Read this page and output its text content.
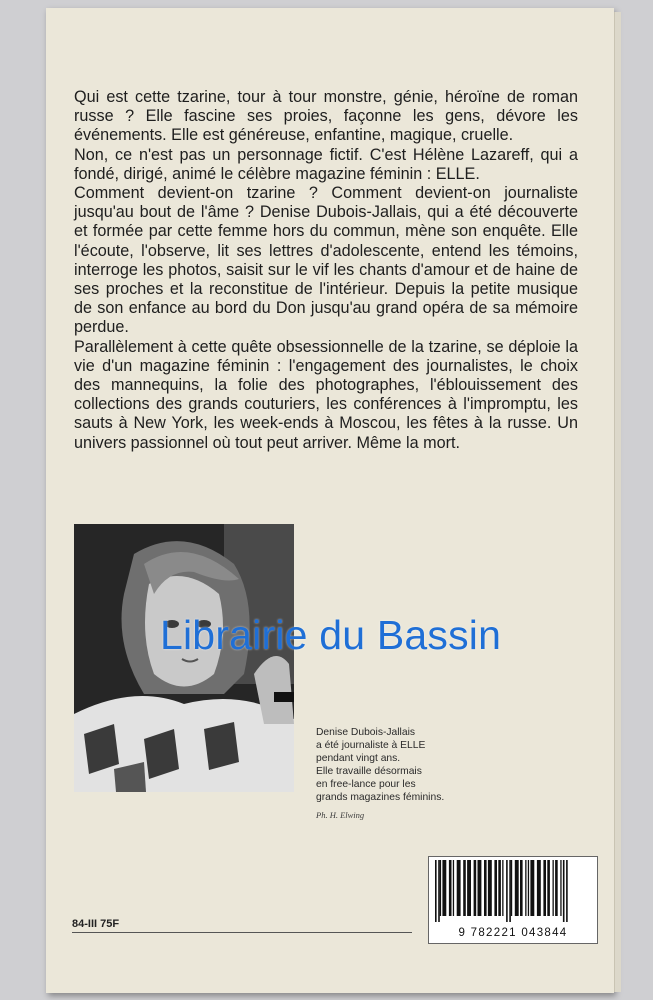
Qui est cette tzarine, tour à tour monstre, génie, héroïne de roman russe ? Elle fascine ses proies, façonne les gens, dévore les événements. Elle est généreuse, enfantine, magique, cruelle.

Non, ce n'est pas un personnage fictif. C'est Hélène Lazareff, qui a fondé, dirigé, animé le célèbre magazine féminin : ELLE.

Comment devient-on tzarine ? Comment devient-on journaliste jusqu'au bout de l'âme ? Denise Dubois-Jallais, qui a été découverte et formée par cette femme hors du commun, mène son enquête. Elle l'écoute, l'observe, lit ses lettres d'adolescente, entend les témoins, interroge les photos, saisit sur le vif les chants d'amour et de haine de ses proches et la reconstitue de l'intérieur. Depuis la petite musique de son enfance au bord du Don jusqu'au grand opéra de sa mémoire perdue.

Parallèlement à cette quête obsessionnelle de la tzarine, se déploie la vie d'un magazine féminin : l'engagement des journalistes, le choix des mannequins, la folie des photographes, l'éblouissement des collections des grands couturiers, les conférences à l'impromptu, les sauts à New York, les week-ends à Moscou, les fêtes à la russe. Un univers passionnel où tout peut arriver. Même la mort.

Librairie du Bassin

Denise Dubois-Jallais

a été journaliste à ELLE

pendant vingt ans.

Elle travaille désormais

en free-lance pour les

grands magazines féminins.

Ph. H. Elwing
84-III 75F
9 782221 043844
